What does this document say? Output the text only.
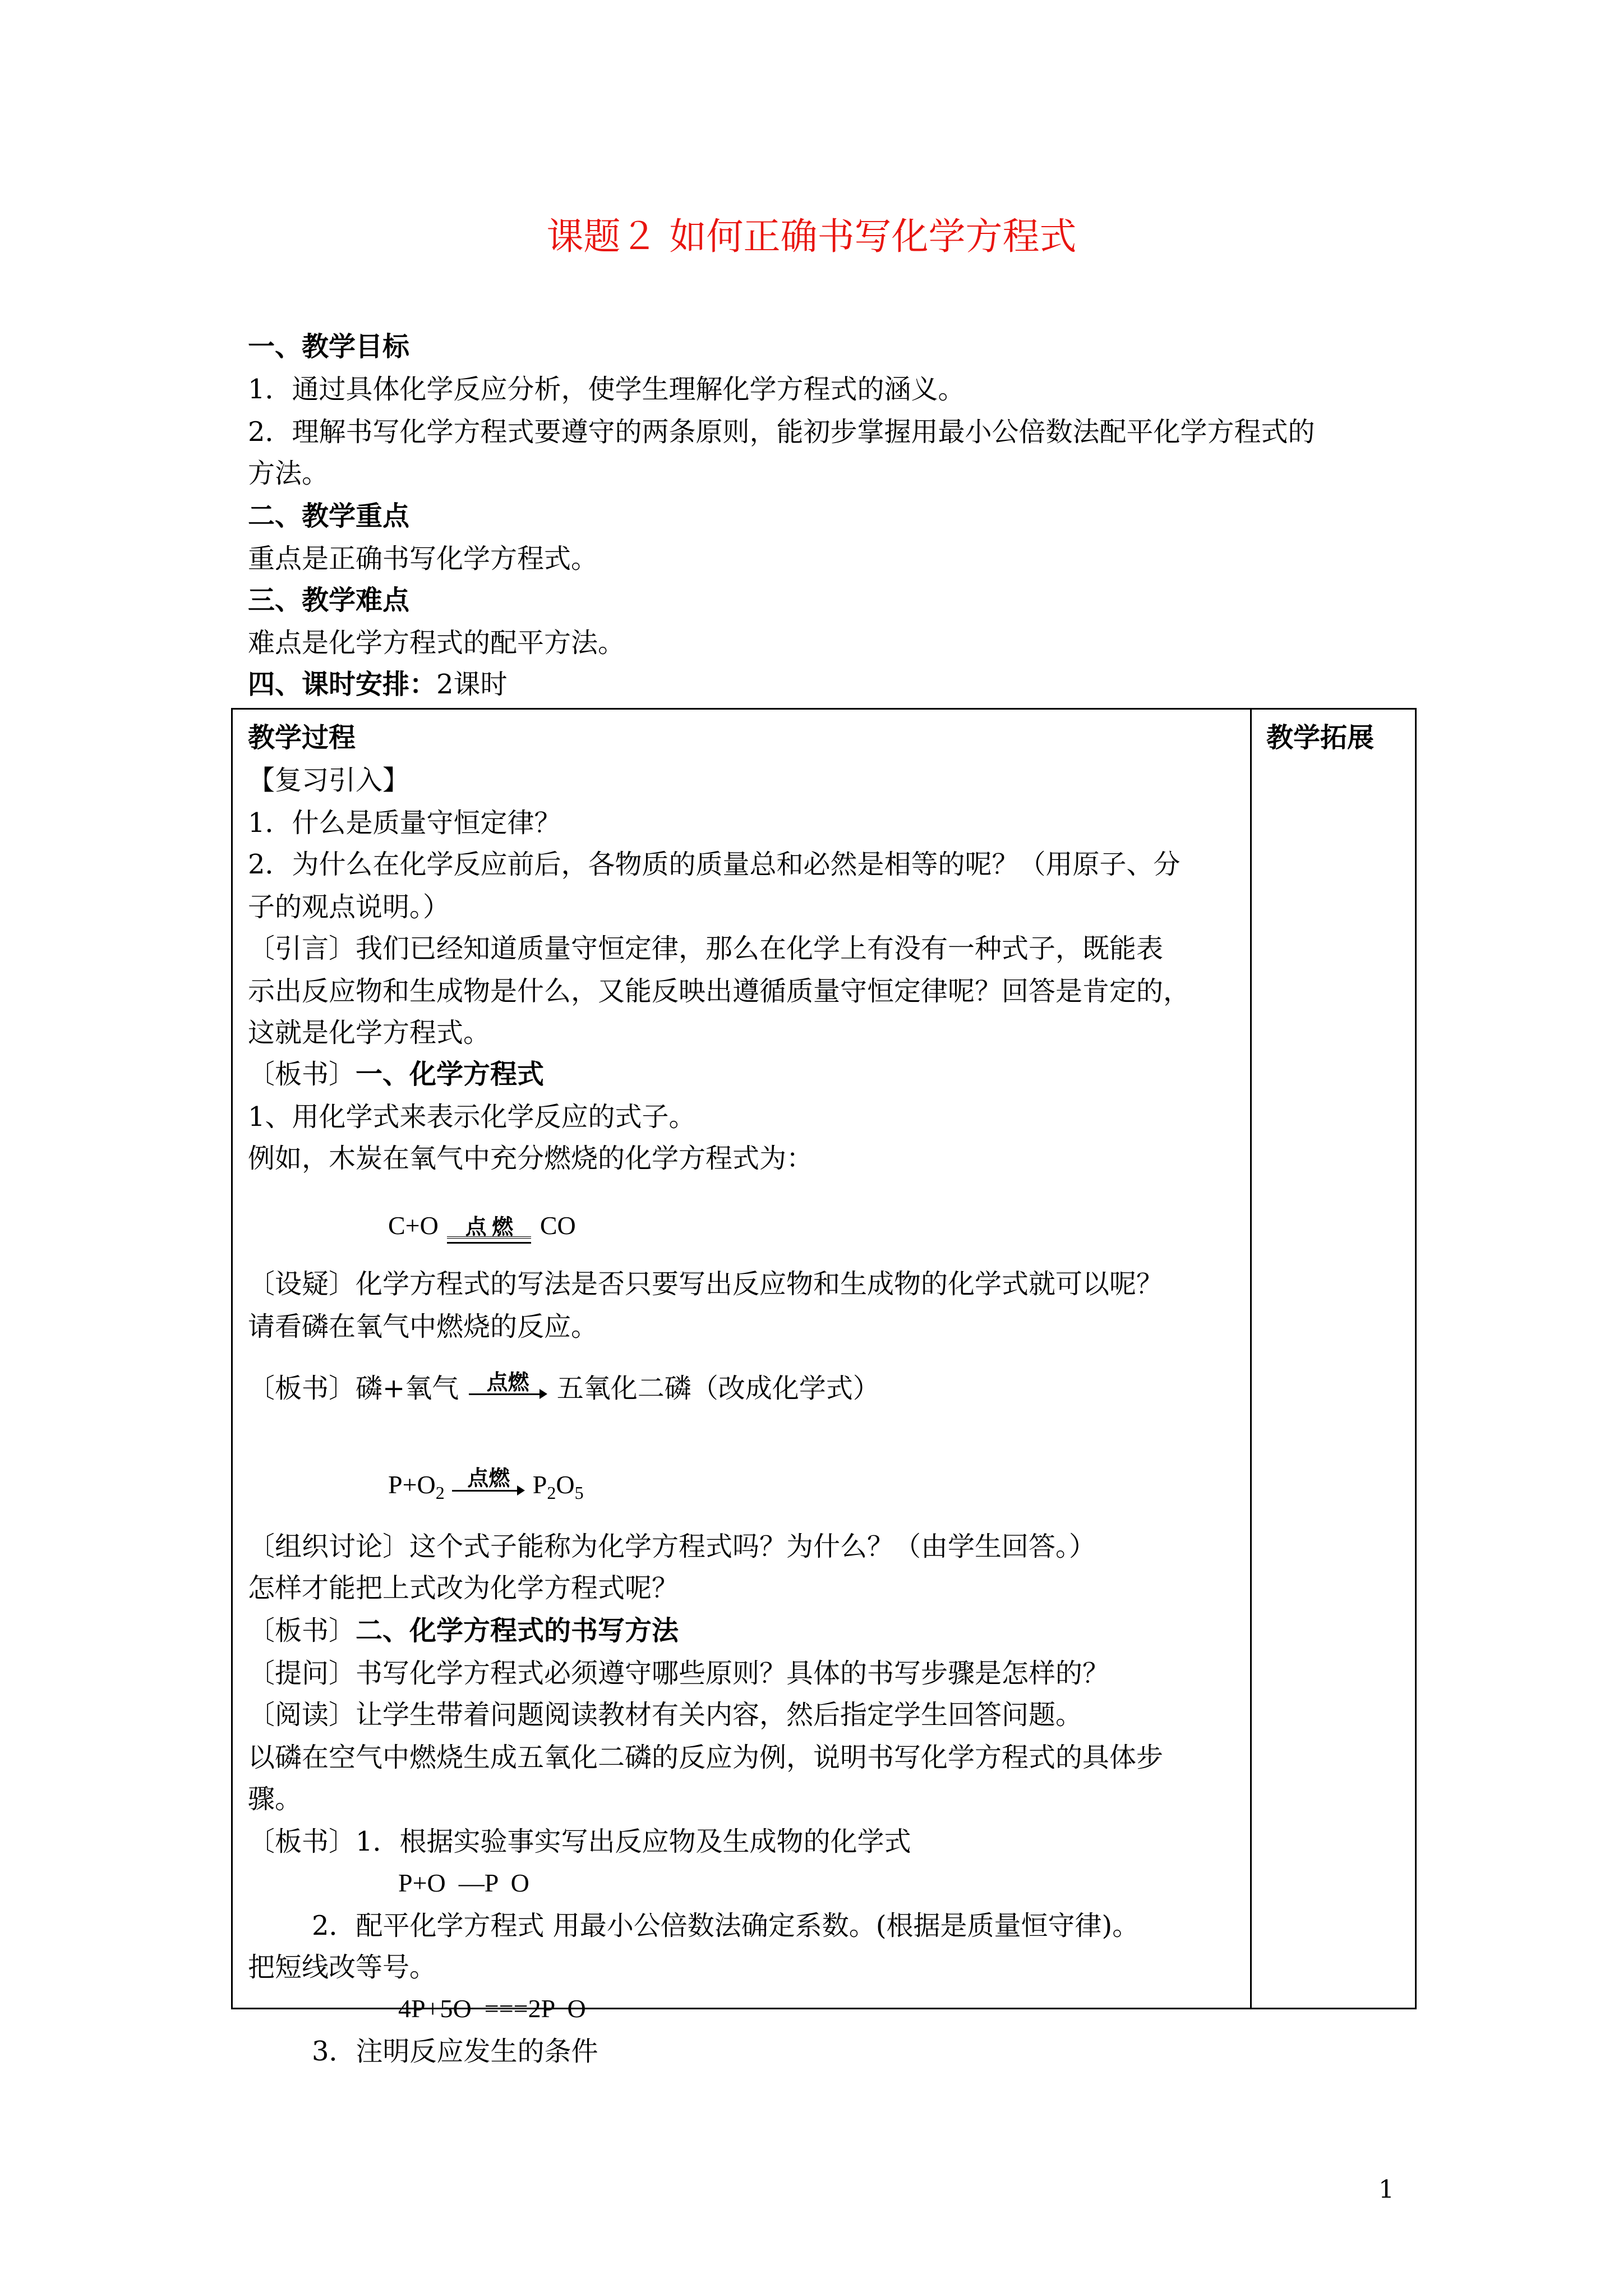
课题２ 如何正确书写化学方程式
一、教学目标
1．通过具体化学反应分析，使学生理解化学方程式的涵义。
2．理解书写化学方程式要遵守的两条原则，能初步掌握用最小公倍数法配平化学方程式的
方法。
二、教学重点
重点是正确书写化学方程式。
三、教学难点
难点是化学方程式的配平方法。
四、课时安排：2课时
教学过程	教学拓展
【复习引入】
1．什么是质量守恒定律？
2．为什么在化学反应前后，各物质的质量总和必然是相等的呢？（用原子、分
子的观点说明。）
〔引言〕我们已经知道质量守恒定律，那么在化学上有没有一种式子，既能表
示出反应物和生成物是什么，又能反映出遵循质量守恒定律呢？回答是肯定的，
这就是化学方程式。
〔板书〕一、化学方程式
1、用化学式来表示化学反应的式子。
例如，木炭在氧气中充分燃烧的化学方程式为：
C+O 点 燃 CO
〔设疑〕化学方程式的写法是否只要写出反应物和生成物的化学式就可以呢？
请看磷在氧气中燃烧的反应。
〔板书〕磷+氧气 $^{点燃}$ 五氧化二磷（改成化学式）
$P+O_2$ $^{点燃}$ $P_2O_5$
〔组织讨论〕这个式子能称为化学方程式吗？为什么？（由学生回答。）
怎样才能把上式改为化学方程式呢？
〔板书〕二、化学方程式的书写方法
〔提问〕书写化学方程式必须遵守哪些原则？具体的书写步骤是怎样的？
〔阅读〕让学生带着问题阅读教材有关内容，然后指定学生回答问题。
以磷在空气中燃烧生成五氧化二磷的反应为例，说明书写化学方程式的具体步
骤。
〔板书〕1．根据实验事实写出反应物及生成物的化学式
P+O  —P  O
2．配平化学方程式 用最小公倍数法确定系数。(根据是质量恒守律)。
把短线改等号。
4P+5O  ===2P  O
3．注明反应发生的条件
1
